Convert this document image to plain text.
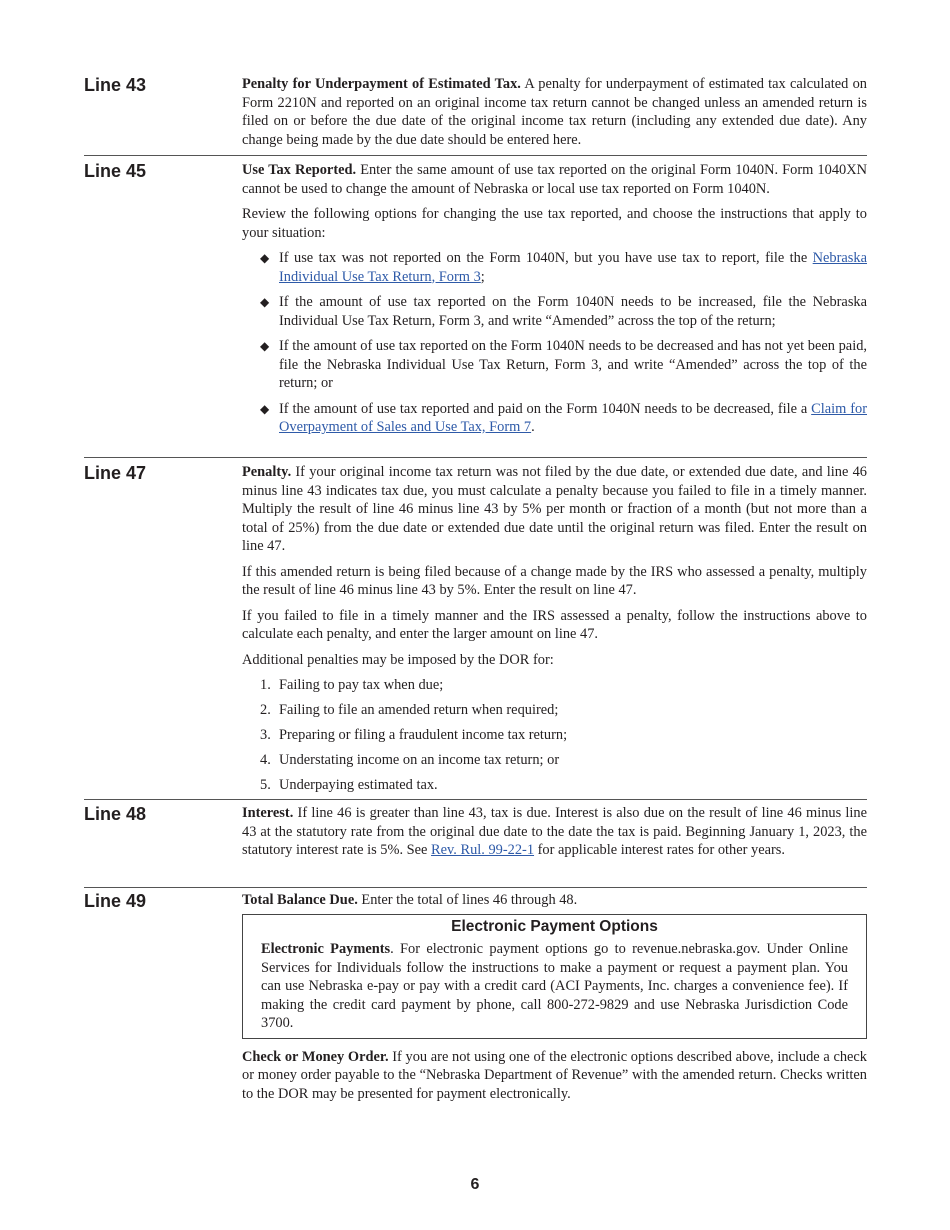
Line 43	Penalty for Underpayment of Estimated Tax. A penalty for underpayment of estimated tax calculated on Form 2210N and reported on an original income tax return cannot be changed unless an amended return is filed on or before the due date of the original income tax return (including any extended due date). Any change being made by the due date should be entered here.

Line 45	Use Tax Reported. Enter the same amount of use tax reported on the original Form 1040N. Form 1040XN cannot be used to change the amount of Nebraska or local use tax reported on Form 1040N.

Review the following options for changing the use tax reported, and choose the instructions that apply to your situation:

◆ If use tax was not reported on the Form 1040N, but you have use tax to report, file the Nebraska Individual Use Tax Return, Form 3;
◆ If the amount of use tax reported on the Form 1040N needs to be increased, file the Nebraska Individual Use Tax Return, Form 3, and write “Amended” across the top of the return;
◆ If the amount of use tax reported on the Form 1040N needs to be decreased and has not yet been paid, file the Nebraska Individual Use Tax Return, Form 3, and write “Amended” across the top of the return; or
◆ If the amount of use tax reported and paid on the Form 1040N needs to be decreased, file a Claim for Overpayment of Sales and Use Tax, Form 7.
Line 47	Penalty. If your original income tax return was not filed by the due date, or extended due date, and line 46 minus line 43 indicates tax due, you must calculate a penalty because you failed to file in a timely manner. Multiply the result of line 46 minus line 43 by 5% per month or fraction of a month (but not more than a total of 25%) from the due date or extended due date until the original return was filed. Enter the result on line 47.

If this amended return is being filed because of a change made by the IRS who assessed a penalty, multiply the result of line 46 minus line 43 by 5%. Enter the result on line 47.

If you failed to file in a timely manner and the IRS assessed a penalty, follow the instructions above to calculate each penalty, and enter the larger amount on line 47.

Additional penalties may be imposed by the DOR for:

1. Failing to pay tax when due;
2. Failing to file an amended return when required;
3. Preparing or filing a fraudulent income tax return;
4. Understating income on an income tax return; or
5. Underpaying estimated tax.
Line 48	Interest. If line 46 is greater than line 43, tax is due. Interest is also due on the result of line 46 minus line 43 at the statutory rate from the original due date to the date the tax is paid. Beginning January 1, 2023, the statutory interest rate is 5%. See Rev. Rul. 99-22-1 for applicable interest rates for other years.

Line 49	Total Balance Due. Enter the total of lines 46 through 48.

Electronic Payment Options

Electronic Payments. For electronic payment options go to revenue.nebraska.gov. Under Online Services for Individuals follow the instructions to make a payment or request a payment plan. You can use Nebraska e-pay or pay with a credit card (ACI Payments, Inc. charges a convenience fee). If making the credit card payment by phone, call 800-272-9829 and use Nebraska Jurisdiction Code 3700.

Check or Money Order. If you are not using one of the electronic options described above, include a check or money order payable to the “Nebraska Department of Revenue” with the amended return. Checks written to the DOR may be presented for payment electronically.

6
